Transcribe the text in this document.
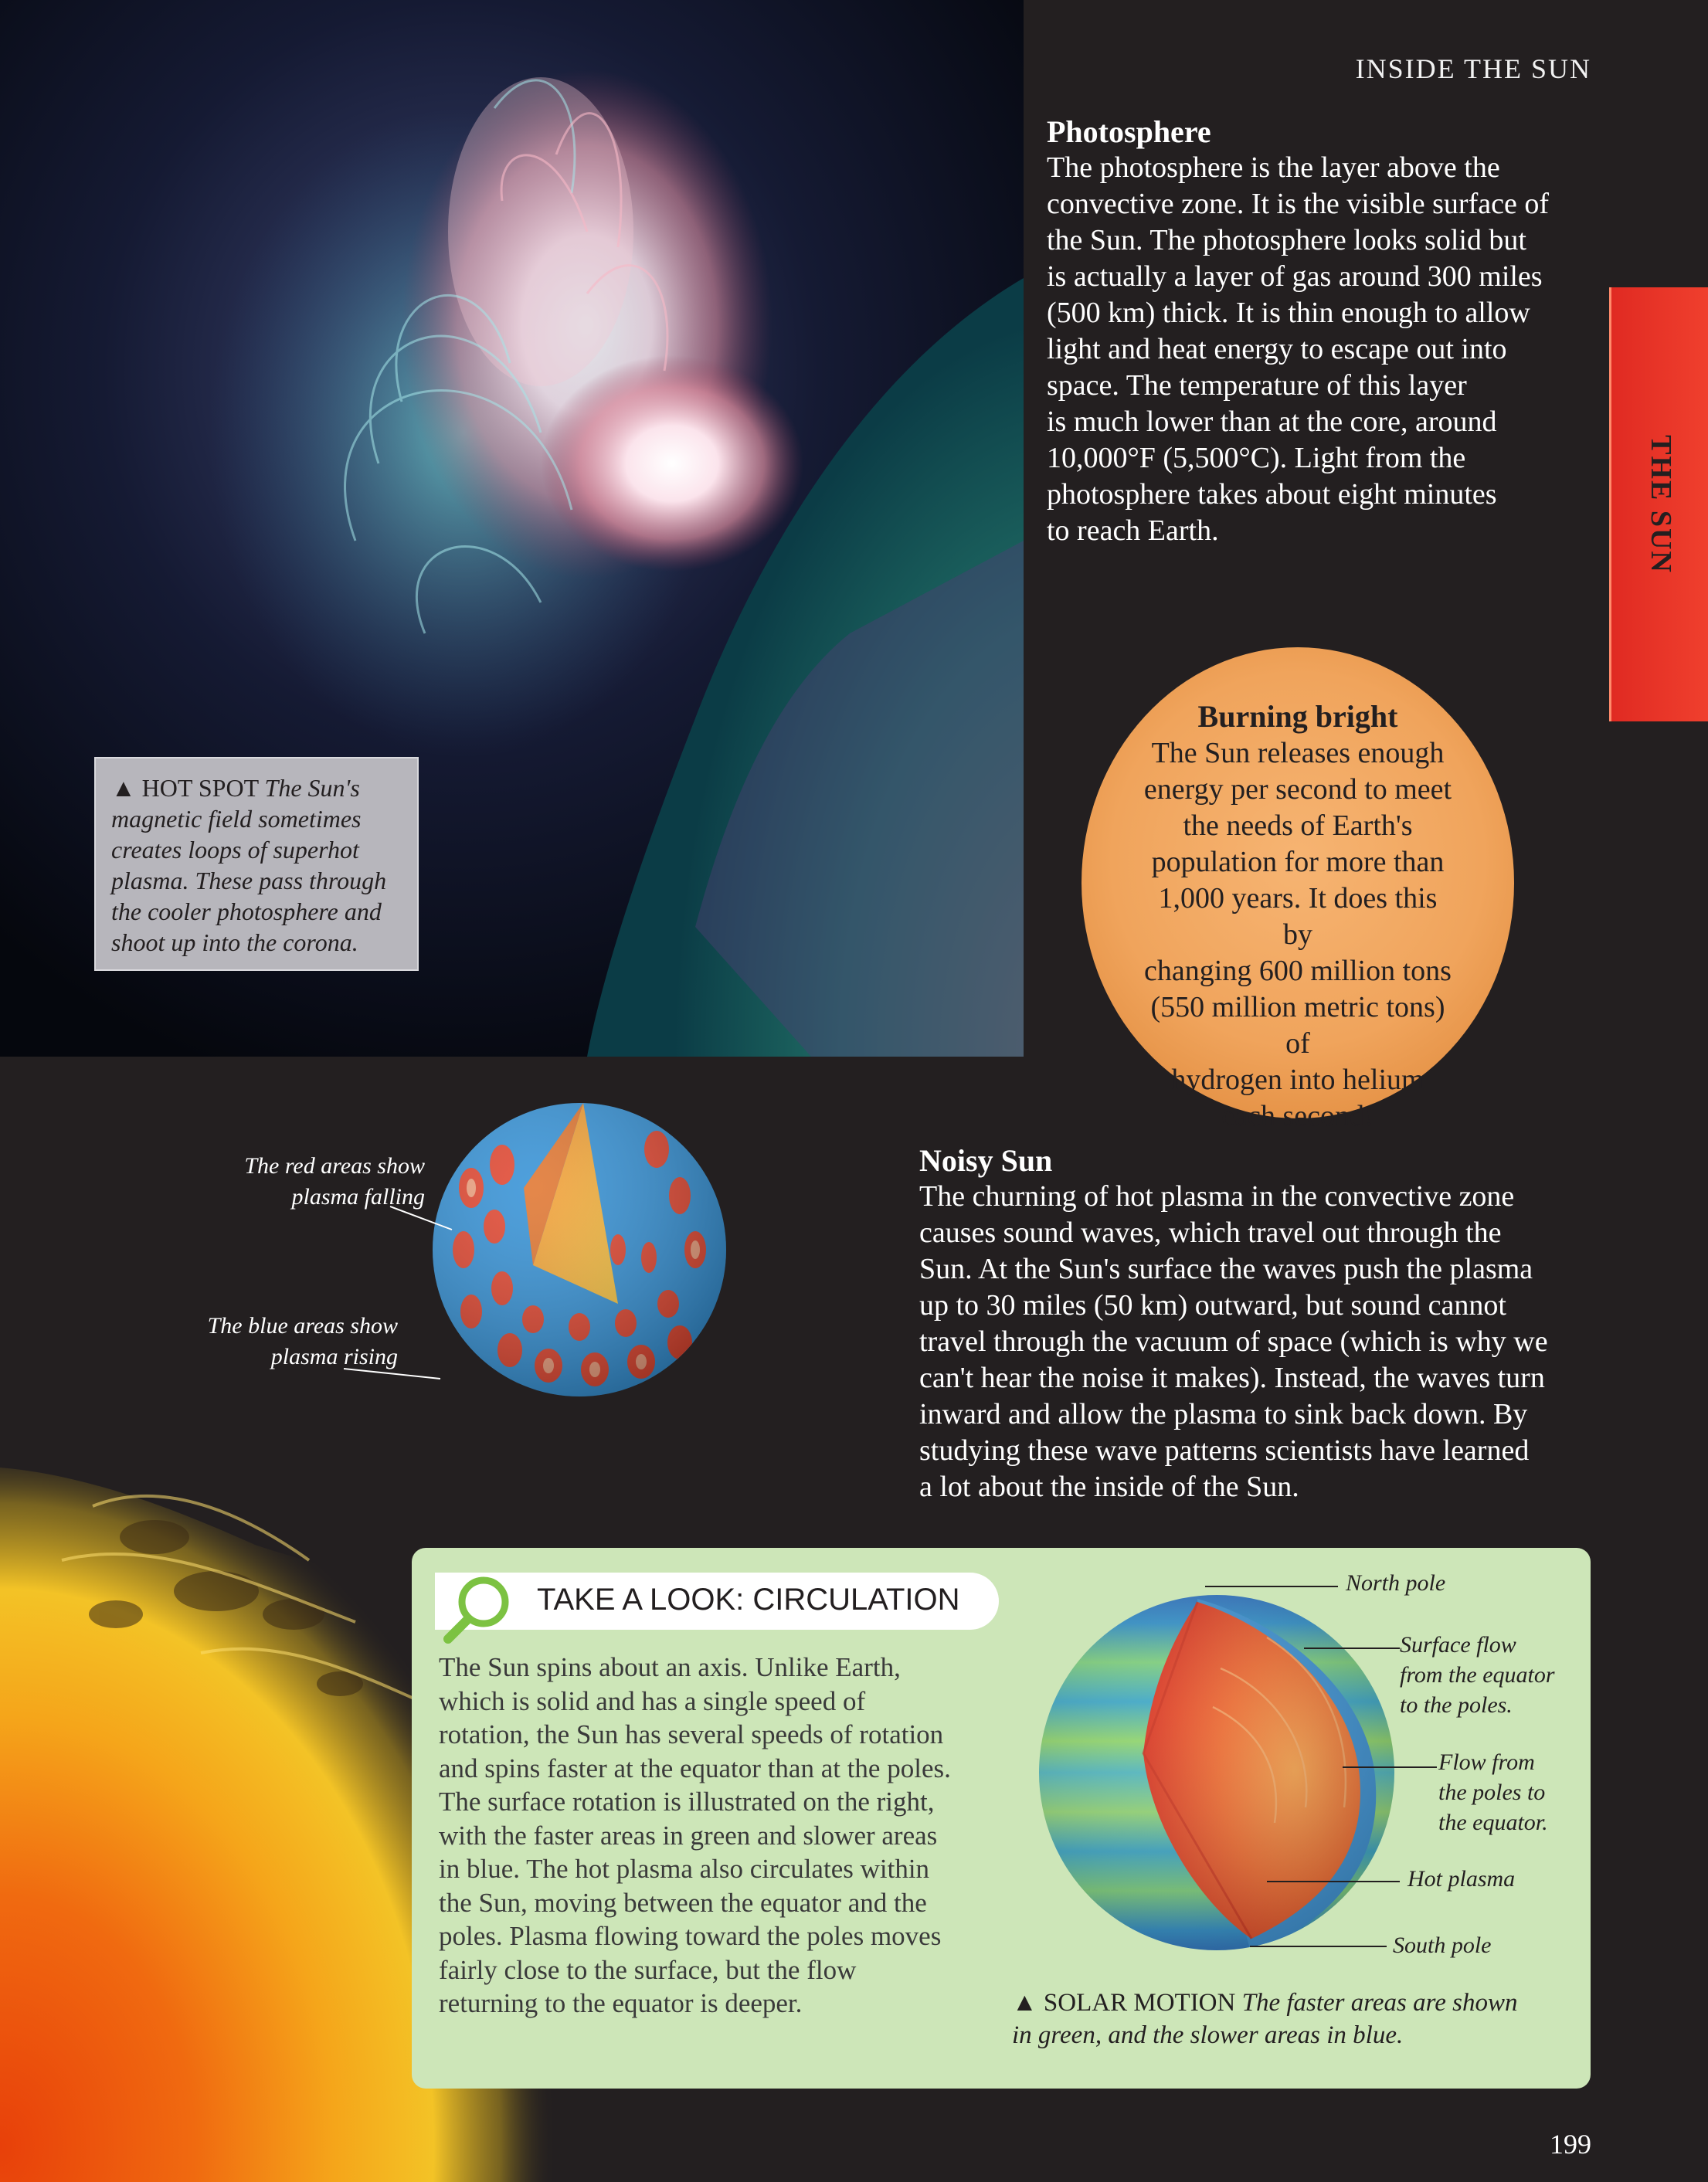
INSIDE THE SUN
THE SUN
Photosphere
The photosphere is the layer above the
convective zone. It is the visible surface of
the Sun. The photosphere looks solid but
is actually a layer of gas around 300 miles
(500 km) thick. It is thin enough to allow
light and heat energy to escape out into
space. The temperature of this layer
is much lower than at the core, around
10,000°F (5,500°C). Light from the
photosphere takes about eight minutes
to reach Earth.
▲ HOT SPOT The Sun's
magnetic field sometimes
creates loops of superhot
plasma. These pass through
the cooler photosphere and
shoot up into the corona.
Burning bright
The Sun releases enough
energy per second to meet
the needs of Earth's
population for more than
1,000 years. It does this by
changing 600 million tons
(550 million metric tons) of
hydrogen into helium
each second!
The red areas show
plasma falling
The blue areas show
plasma rising
Noisy Sun
The churning of hot plasma in the convective zone
causes sound waves, which travel out through the
Sun. At the Sun's surface the waves push the plasma
up to 30 miles (50 km) outward, but sound cannot
travel through the vacuum of space (which is why we
can't hear the noise it makes). Instead, the waves turn
inward and allow the plasma to sink back down. By
studying these wave patterns scientists have learned
a lot about the inside of the Sun.
TAKE A LOOK: CIRCULATION
The Sun spins about an axis. Unlike Earth,
which is solid and has a single speed of
rotation, the Sun has several speeds of rotation
and spins faster at the equator than at the poles.
The surface rotation is illustrated on the right,
with the faster areas in green and slower areas
in blue. The hot plasma also circulates within
the Sun, moving between the equator and the
poles. Plasma flowing toward the poles moves
fairly close to the surface, but the flow
returning to the equator is deeper.
North pole
Surface flow
from the equator
to the poles.
Flow from
the poles to
the equator.
Hot plasma
South pole
▲ SOLAR MOTION The faster areas are shown
in green, and the slower areas in blue.
199
